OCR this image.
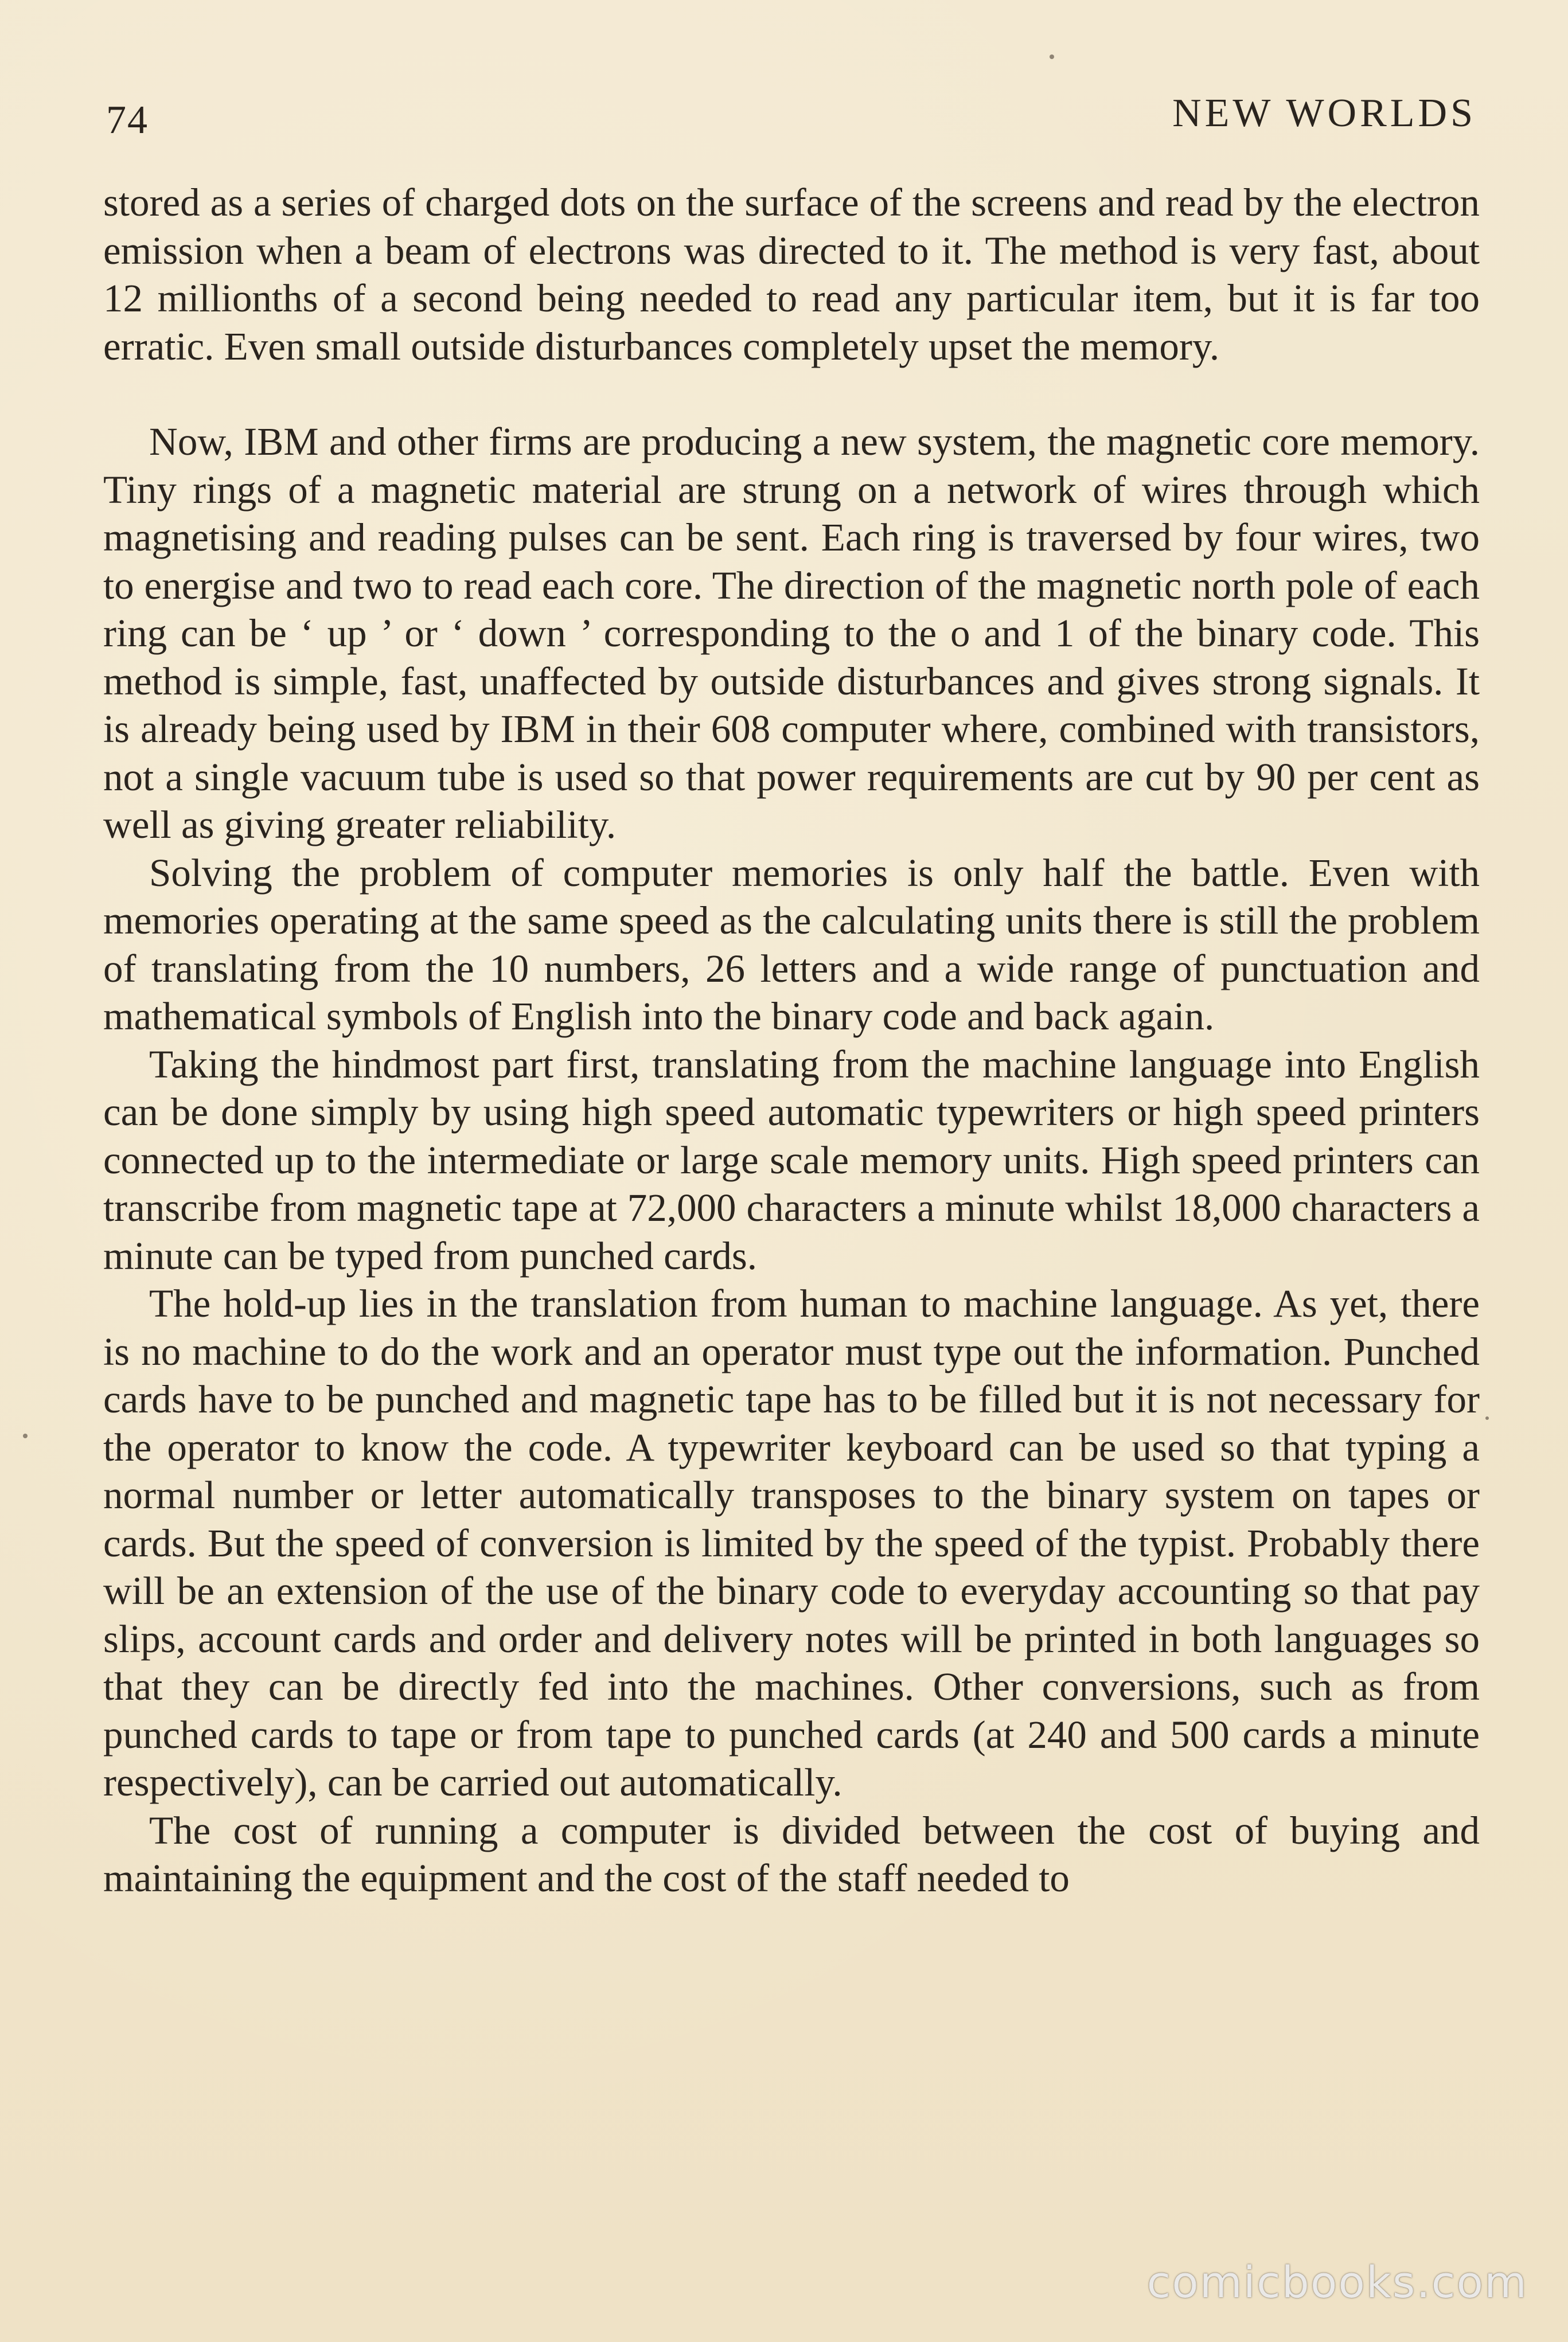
74	NEW WORLDS

stored as a series of charged dots on the surface of the screens and read by the electron emission when a beam of electrons was directed to it. The method is very fast, about 12 millionths of a second being needed to read any particular item, but it is far too erratic. Even small outside disturbances completely upset the memory.

Now, IBM and other firms are producing a new system, the magnetic core memory. Tiny rings of a magnetic material are strung on a network of wires through which magnetising and reading pulses can be sent. Each ring is traversed by four wires, two to energise and two to read each core. The direction of the magnetic north pole of each ring can be ‘ up ’ or ‘ down ’ corresponding to the o and 1 of the binary code. This method is simple, fast, unaffected by outside disturbances and gives strong signals. It is already being used by IBM in their 608 computer where, combined with transistors, not a single vacuum tube is used so that power requirements are cut by 90 per cent as well as giving greater reliability.

Solving the problem of computer memories is only half the battle. Even with memories operating at the same speed as the calculating units there is still the problem of translating from the 10 numbers, 26 letters and a wide range of punctuation and mathematical symbols of English into the binary code and back again.

Taking the hindmost part first, translating from the machine language into English can be done simply by using high speed automatic typewriters or high speed printers connected up to the intermediate or large scale memory units. High speed printers can transcribe from magnetic tape at 72,000 characters a minute whilst 18,000 characters a minute can be typed from punched cards.

The hold-up lies in the translation from human to machine language. As yet, there is no machine to do the work and an operator must type out the information. Punched cards have to be punched and magnetic tape has to be filled but it is not necessary for the operator to know the code. A typewriter keyboard can be used so that typing a normal number or letter automatically transposes to the binary system on tapes or cards. But the speed of conversion is limited by the speed of the typist. Probably there will be an extension of the use of the binary code to everyday accounting so that pay slips, account cards and order and delivery notes will be printed in both languages so that they can be directly fed into the machines. Other conversions, such as from punched cards to tape or from tape to punched cards (at 240 and 500 cards a minute respectively), can be carried out automatically.

The cost of running a computer is divided between the cost of buying and maintaining the equipment and the cost of the staff needed to

comicbooks.com
